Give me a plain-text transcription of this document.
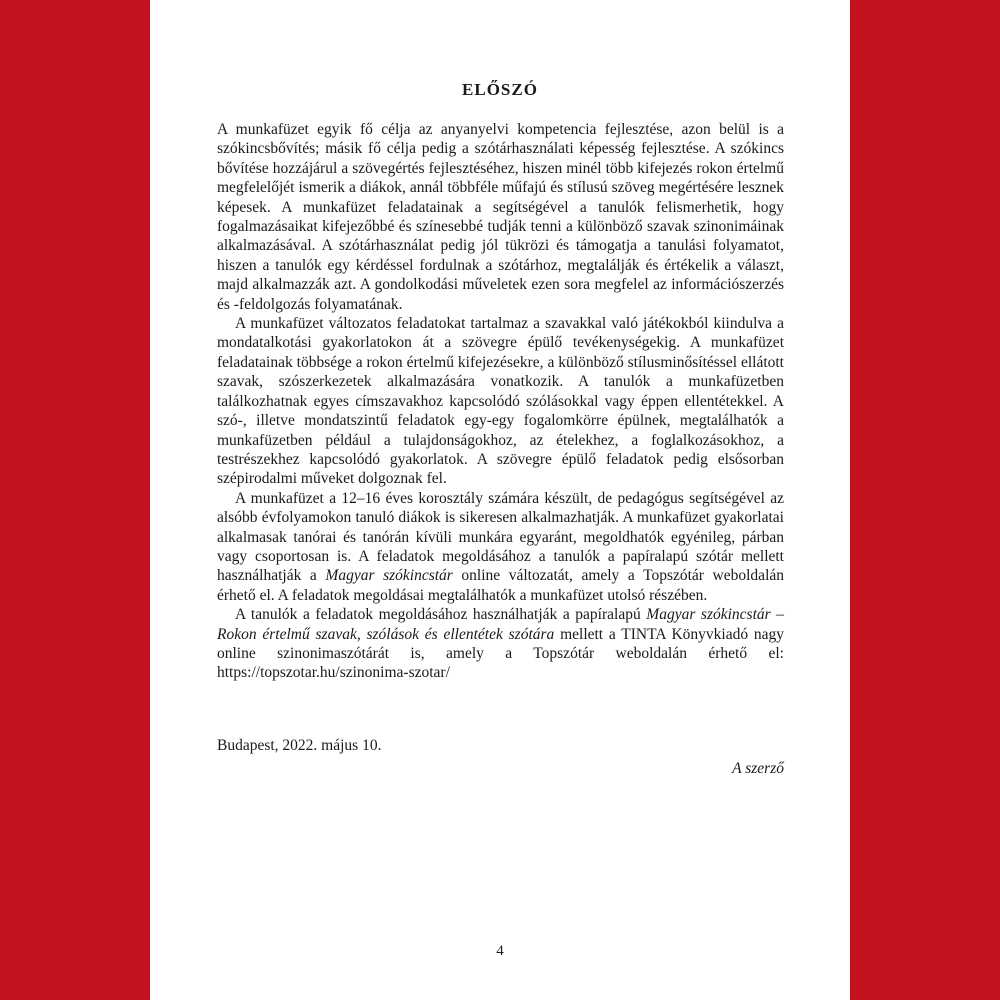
ELŐSZÓ

A munkafüzet egyik fő célja az anyanyelvi kompetencia fejlesztése, azon belül is a szókincsbővítés; másik fő célja pedig a szótárhasználati képesség fejlesztése. A szókincs bővítése hozzájárul a szövegértés fejlesztéséhez, hiszen minél több kifejezés rokon értelmű megfelelőjét ismerik a diákok, annál többféle műfajú és stílusú szöveg megértésére lesznek képesek. A munkafüzet feladatainak a segítségével a tanulók felismerhetik, hogy fogalmazásaikat kifejezőbbé és színesebbé tudják tenni a különböző szavak szinonimáinak alkalmazásával. A szótárhasználat pedig jól tükrözi és támogatja a tanulási folyamatot, hiszen a tanulók egy kérdéssel fordulnak a szótárhoz, megtalálják és értékelik a választ, majd alkalmazzák azt. A gondolkodási műveletek ezen sora megfelel az információszerzés és -feldolgozás folyamatának.

A munkafüzet változatos feladatokat tartalmaz a szavakkal való játékokból kiindulva a mondatalkotási gyakorlatokon át a szövegre épülő tevékenységekig. A munkafüzet feladatainak többsége a rokon értelmű kifejezésekre, a különböző stílusminősítéssel ellátott szavak, szószerkezetek alkalmazására vonatkozik. A tanulók a munkafüzetben találkozhatnak egyes címszavakhoz kapcsolódó szólásokkal vagy éppen ellentétekkel. A szó-, illetve mondatszintű feladatok egy-egy fogalomkörre épülnek, megtalálhatók a munkafüzetben például a tulajdonságokhoz, az ételekhez, a foglalkozásokhoz, a testrészekhez kapcsolódó gyakorlatok. A szövegre épülő feladatok pedig elsősorban szépirodalmi műveket dolgoznak fel.

A munkafüzet a 12–16 éves korosztály számára készült, de pedagógus segítségével az alsóbb évfolyamokon tanuló diákok is sikeresen alkalmazhatják. A munkafüzet gyakorlatai alkalmasak tanórai és tanórán kívüli munkára egyaránt, megoldhatók egyénileg, párban vagy csoportosan is. A feladatok megoldásához a tanulók a papíralapú szótár mellett használhatják a Magyar szókincstár online változatát, amely a Topszótár weboldalán érhető el. A feladatok megoldásai megtalálhatók a munkafüzet utolsó részében.

A tanulók a feladatok megoldásához használhatják a papíralapú Magyar szókincstár – Rokon értelmű szavak, szólások és ellentétek szótára mellett a TINTA Könyvkiadó nagy online szinonimaszótárát is, amely a Topszótár weboldalán érhető el: https://topszotar.hu/szinonima-szotar/

Budapest, 2022. május 10.
A szerző
4
